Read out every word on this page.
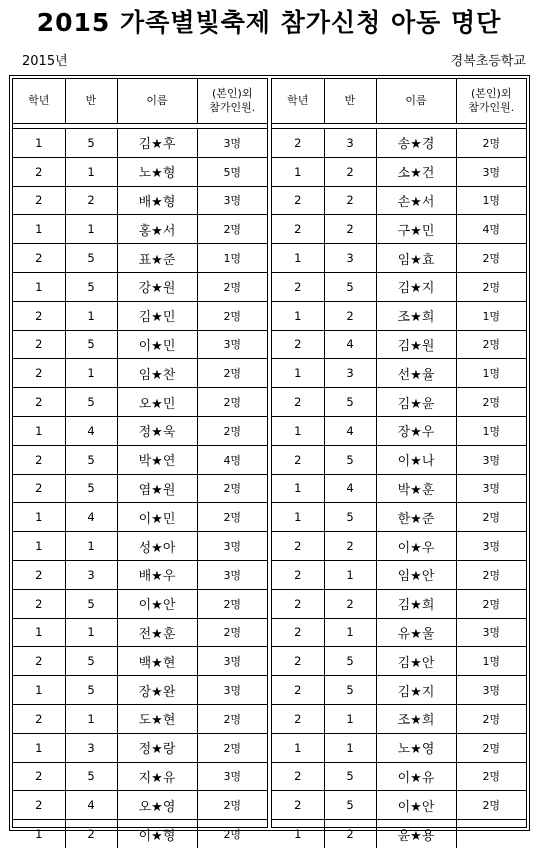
2015 가족별빛축제 참가신청 아동 명단
2015년	경복초등학교
학년	반	이름	(본인)외
참가인원.
1	5	김★후	3명
2	1	노★형	5명
2	2	배★형	3명
1	1	홍★서	2명
2	5	표★준	1명
1	5	강★원	2명
2	1	김★민	2명
2	5	이★민	3명
2	1	임★찬	2명
2	5	오★민	2명
1	4	정★욱	2명
2	5	박★연	4명
2	5	염★원	2명
1	4	이★민	2명
1	1	성★아	3명
2	3	배★우	3명
2	5	이★안	2명
1	1	전★훈	2명
2	5	백★현	3명
1	5	장★완	3명
2	1	도★현	2명
1	3	정★랑	2명
2	5	지★유	3명
2	4	오★영	2명
1	2	이★형	2명
학년	반	이름	(본인)외
참가인원.
2	3	송★경	2명
1	2	소★건	3명
2	2	손★서	1명
2	2	구★민	4명
1	3	임★효	2명
2	5	김★지	2명
1	2	조★희	1명
2	4	김★원	2명
1	3	선★율	1명
2	5	김★윤	2명
1	4	장★우	1명
2	5	이★나	3명
1	4	박★훈	3명
1	5	한★준	2명
2	2	이★우	3명
2	1	임★안	2명
2	2	김★희	2명
2	1	유★울	3명
2	5	김★안	1명
2	5	김★지	3명
2	1	조★희	2명
1	1	노★영	2명
2	5	이★유	2명
2	5	이★안	2명
1	2	윤★용	
